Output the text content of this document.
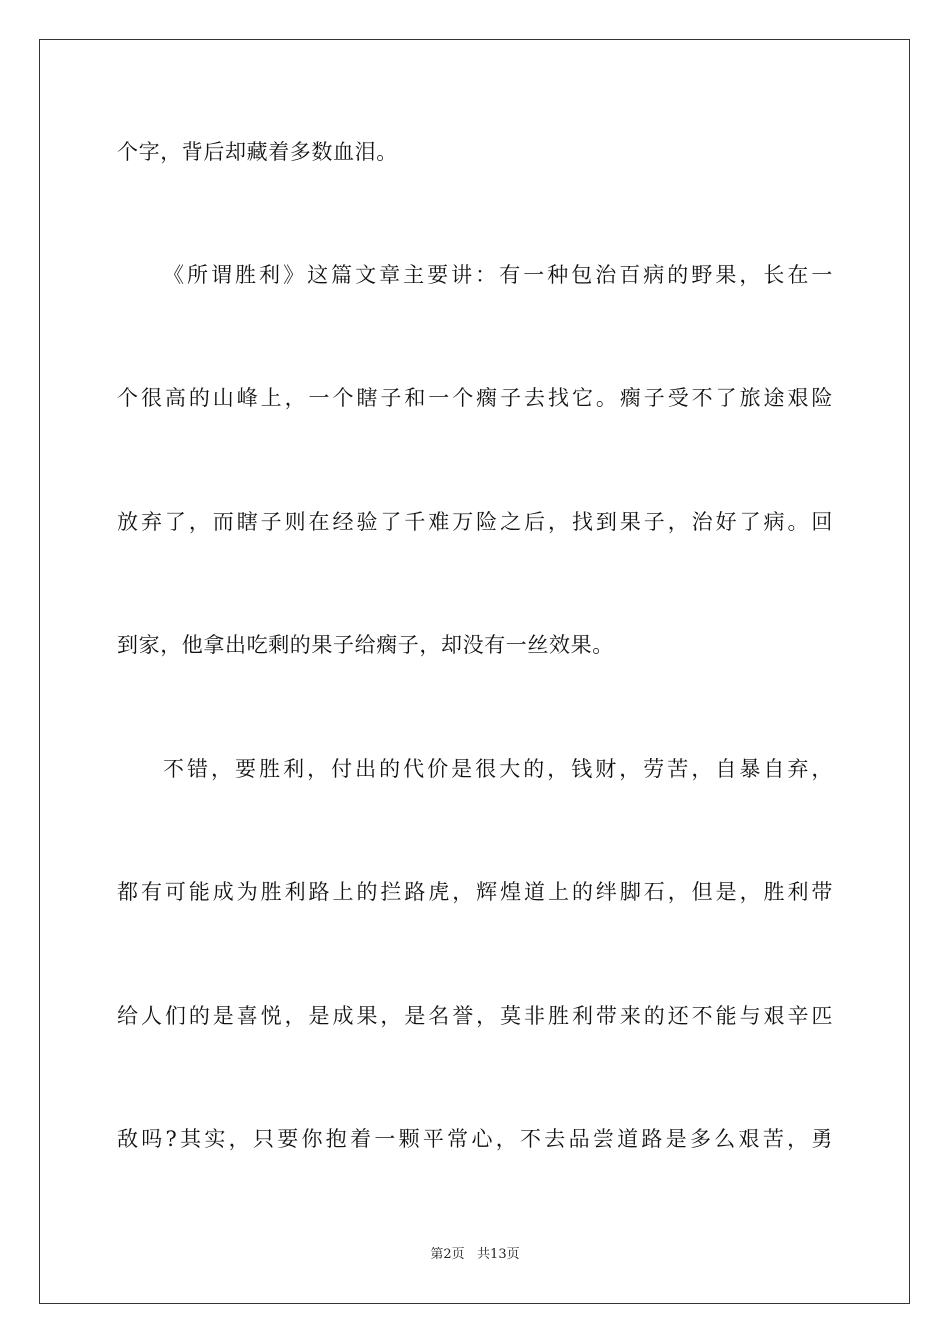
个字，背后却藏着多数血泪。
《所谓胜利》这篇文章主要讲：有一种包治百病的野果，长在一
个很高的山峰上，一个瞎子和一个瘸子去找它。瘸子受不了旅途艰险
放弃了，而瞎子则在经验了千难万险之后，找到果子，治好了病。回
到家，他拿出吃剩的果子给瘸子，却没有一丝效果。
不错，要胜利，付出的代价是很大的，钱财，劳苦，自暴自弃，
都有可能成为胜利路上的拦路虎，辉煌道上的绊脚石，但是，胜利带
给人们的是喜悦，是成果，是名誉，莫非胜利带来的还不能与艰辛匹
敌吗?其实，只要你抱着一颗平常心，不去品尝道路是多么艰苦，勇
第2页   共13页
